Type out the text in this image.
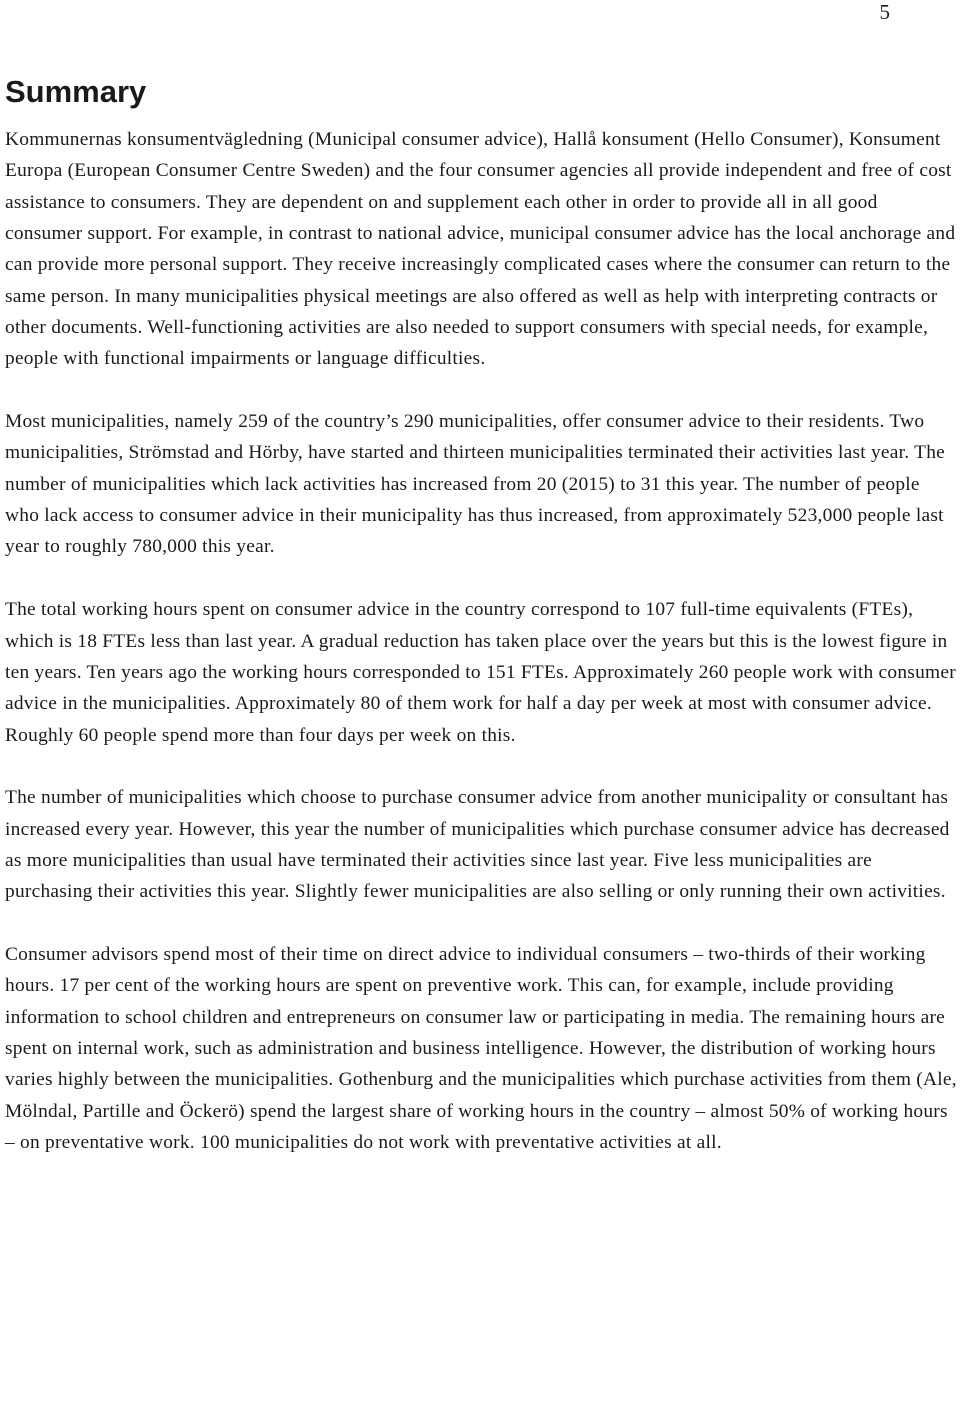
5
Summary

Kommunernas konsumentvägledning (Municipal consumer advice), Hallå konsument (Hello Consumer), Konsument Europa (European Consumer Centre Sweden) and the four consumer agencies all provide independent and free of cost assistance to consumers. They are dependent on and supplement each other in order to provide all in all good consumer support. For example, in contrast to national advice, municipal consumer advice has the local anchorage and can provide more personal support. They receive increasingly complicated cases where the consumer can return to the same person. In many municipalities physical meetings are also offered as well as help with interpreting contracts or other documents. Well-functioning activities are also needed to support consumers with special needs, for example, people with functional impairments or language difficulties.

Most municipalities, namely 259 of the country’s 290 municipalities, offer consumer advice to their residents. Two municipalities, Strömstad and Hörby, have started and thirteen municipalities terminated their activities last year. The number of municipalities which lack activities has increased from 20 (2015) to 31 this year. The number of people who lack access to consumer advice in their municipality has thus increased, from approximately 523,000 people last year to roughly 780,000 this year.

The total working hours spent on consumer advice in the country correspond to 107 full-time equivalents (FTEs), which is 18 FTEs less than last year. A gradual reduction has taken place over the years but this is the lowest figure in ten years. Ten years ago the working hours corresponded to 151 FTEs. Approximately 260 people work with consumer advice in the municipalities. Approximately 80 of them work for half a day per week at most with consumer advice. Roughly 60 people spend more than four days per week on this.

The number of municipalities which choose to purchase consumer advice from another municipality or consultant has increased every year. However, this year the number of municipalities which purchase consumer advice has decreased as more municipalities than usual have terminated their activities since last year. Five less municipalities are purchasing their activities this year. Slightly fewer municipalities are also selling or only running their own activities.

Consumer advisors spend most of their time on direct advice to individual consumers – two-thirds of their working hours. 17 per cent of the working hours are spent on preventive work. This can, for example, include providing information to school children and entrepreneurs on consumer law or participating in media. The remaining hours are spent on internal work, such as administration and business intelligence. However, the distribution of working hours varies highly between the municipalities. Gothenburg and the municipalities which purchase activities from them (Ale, Mölndal, Partille and Öckerö) spend the largest share of working hours in the country – almost 50% of working hours – on preventative work. 100 municipalities do not work with preventative activities at all.
